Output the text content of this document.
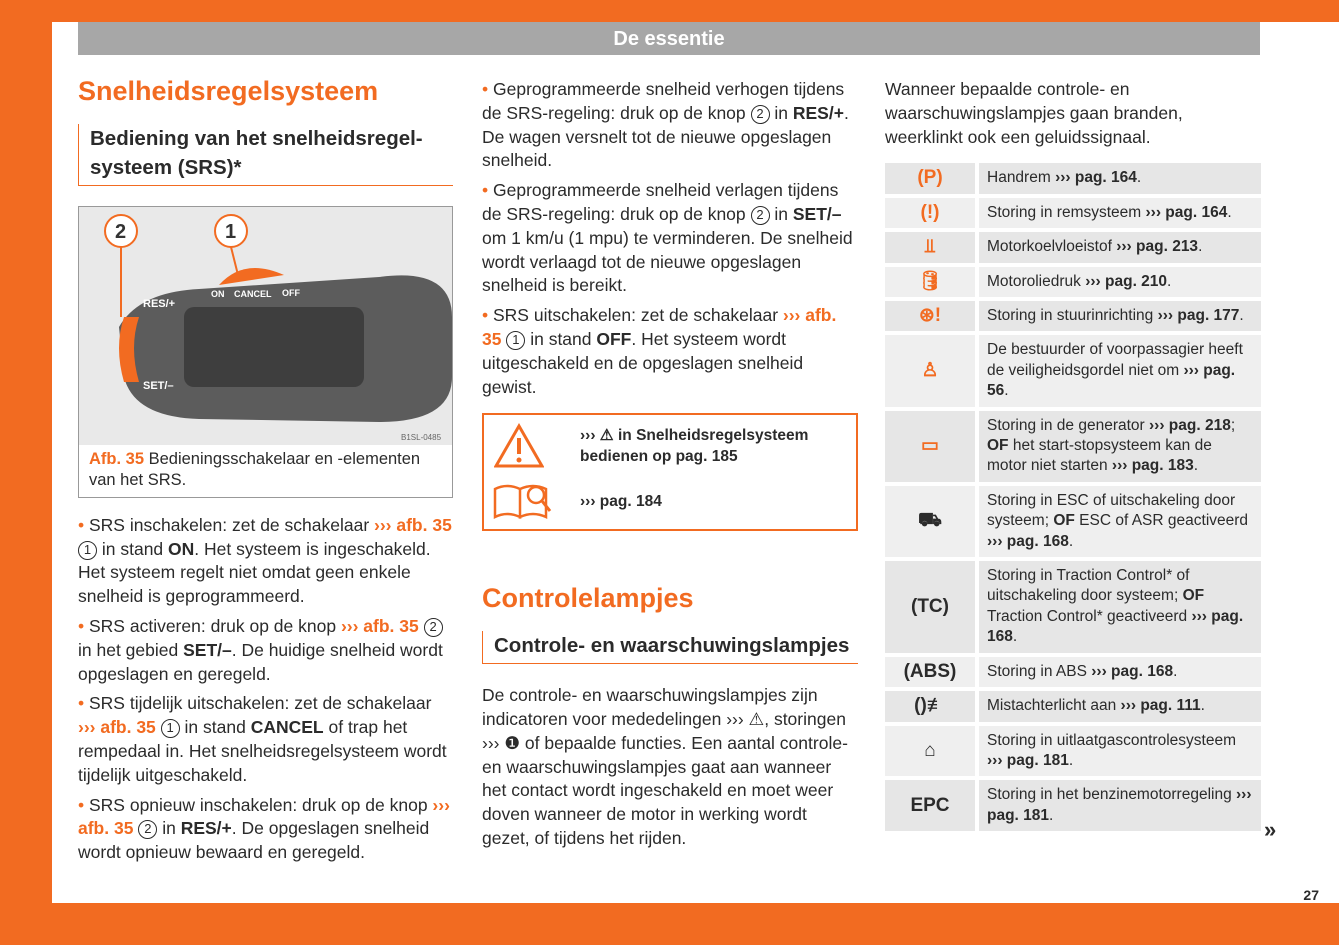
De essentie
Snelheidsregelsysteem
Bediening van het snelheidsregel-systeem (SRS)*
2	1
ON CANCEL OFF
RES/+
SET/–
B1SL-0485
Afb. 35 Bedieningsschakelaar en -elementen van het SRS.

• SRS inschakelen: zet de schakelaar ››› afb. 35 1 in stand ON. Het systeem is ingeschakeld. Het systeem regelt niet omdat geen enkele snelheid is geprogrammeerd.

• SRS activeren: druk op de knop ››› afb. 35 2 in het gebied SET/–. De huidige snelheid wordt opgeslagen en geregeld.

• SRS tijdelijk uitschakelen: zet de schakelaar ››› afb. 35 1 in stand CANCEL of trap het rempedaal in. Het snelheidsregelsysteem wordt tijdelijk uitgeschakeld.

• SRS opnieuw inschakelen: druk op de knop ››› afb. 35 2 in RES/+. De opgeslagen snelheid wordt opnieuw bewaard en geregeld.

• Geprogrammeerde snelheid verhogen tijdens de SRS-regeling: druk op de knop 2 in RES/+. De wagen versnelt tot de nieuwe opgeslagen snelheid.

• Geprogrammeerde snelheid verlagen tijdens de SRS-regeling: druk op de knop 2 in SET/– om 1 km/u (1 mpu) te verminderen. De snelheid wordt verlaagd tot de nieuwe opgeslagen snelheid is bereikt.

• SRS uitschakelen: zet de schakelaar ››› afb. 35 1 in stand OFF. Het systeem wordt uitgeschakeld en de opgeslagen snelheid gewist.

››› ⚠ in Snelheidsregelsysteem bedienen op pag. 185
››› pag. 184
Controlelampjes
Controle- en waarschuwingslampjes

De controle- en waarschuwingslampjes zijn indicatoren voor mededelingen ››› ⚠, storingen ››› ❶ of bepaalde functies. Een aantal controle- en waarschuwingslampjes gaat aan wanneer het contact wordt ingeschakeld en moet weer doven wanneer de motor in werking wordt gezet, of tijdens het rijden.

Wanneer bepaalde controle- en waarschuwingslampjes gaan branden, weerklinkt ook een geluidssignaal.

(P)	Handrem ››› pag. 164.
(!)	Storing in remsysteem ››› pag. 164.
⫫	Motorkoelvloeistof ››› pag. 213.
🛢	Motoroliedruk ››› pag. 210.
⊛!	Storing in stuurinrichting ››› pag. 177.
♙	De bestuurder of voorpassagier heeft de veiligheidsgordel niet om ››› pag. 56.
▭	Storing in de generator ››› pag. 218; OF het start-stopsysteem kan de motor niet starten ››› pag. 183.
⛟	Storing in ESC of uitschakeling door systeem; OF ESC of ASR geactiveerd ››› pag. 168.
(TC)	Storing in Traction Control* of uitschakeling door systeem; OF Traction Control* geactiveerd ››› pag. 168.
(ABS)	Storing in ABS ››› pag. 168.
()≢	Mistachterlicht aan ››› pag. 111.
⌂	Storing in uitlaatgascontrolesysteem ››› pag. 181.
EPC	Storing in het benzinemotorregeling ››› pag. 181.
»
27
